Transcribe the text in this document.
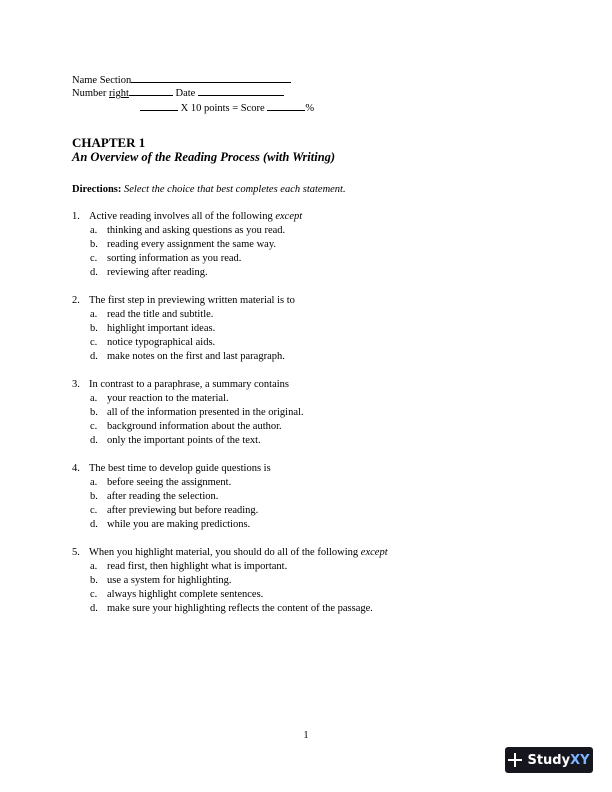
Name Section
Number right	Date
X 10 points = Score	%
CHAPTER 1
An Overview of the Reading Process (with Writing)
Directions: Select the choice that best completes each statement.
1. Active reading involves all of the following except
a. thinking and asking questions as you read.
b. reading every assignment the same way.
c. sorting information as you read.
d. reviewing after reading.
2. The first step in previewing written material is to
a. read the title and subtitle.
b. highlight important ideas.
c. notice typographical aids.
d. make notes on the first and last paragraph.
3. In contrast to a paraphrase, a summary contains
a. your reaction to the material.
b. all of the information presented in the original.
c. background information about the author.
d. only the important points of the text.
4. The best time to develop guide questions is
a. before seeing the assignment.
b. after reading the selection.
c. after previewing but before reading.
d. while you are making predictions.
5. When you highlight material, you should do all of the following except
a. read first, then highlight what is important.
b. use a system for highlighting.
c. always highlight complete sentences.
d. make sure your highlighting reflects the content of the passage.
1
StudyXY
